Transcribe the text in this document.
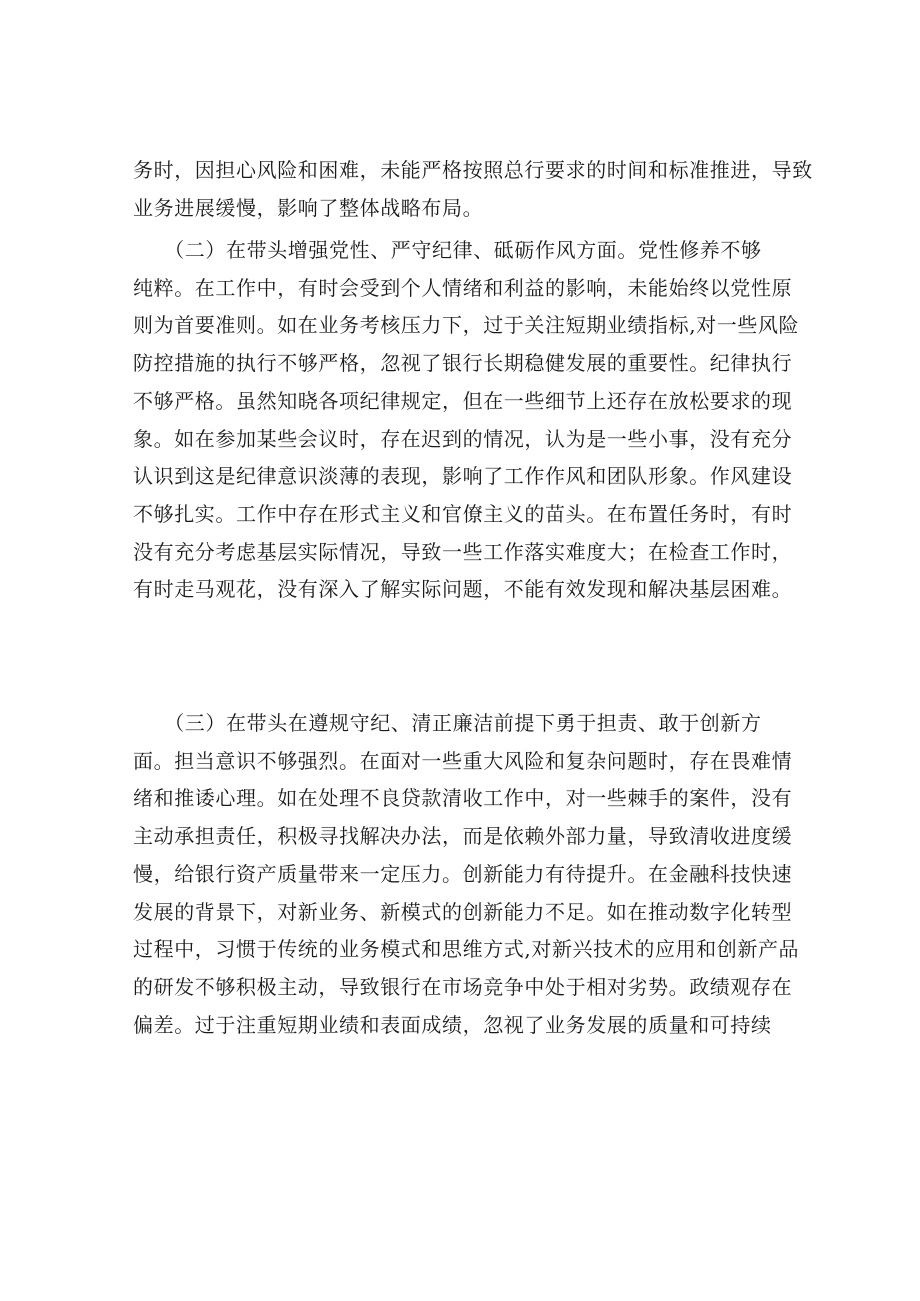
务时，因担心风险和困难，未能严格按照总行要求的时间和标准推进，导致
业务进展缓慢，影响了整体战略布局。
　　（二）在带头增强党性、严守纪律、砥砺作风方面。党性修养不够
纯粹。在工作中，有时会受到个人情绪和利益的影响，未能始终以党性原
则为首要准则。如在业务考核压力下，过于关注短期业绩指标,对一些风险
防控措施的执行不够严格，忽视了银行长期稳健发展的重要性。纪律执行
不够严格。虽然知晓各项纪律规定，但在一些细节上还存在放松要求的现
象。如在参加某些会议时，存在迟到的情况，认为是一些小事，没有充分
认识到这是纪律意识淡薄的表现，影响了工作作风和团队形象。作风建设
不够扎实。工作中存在形式主义和官僚主义的苗头。在布置任务时，有时
没有充分考虑基层实际情况，导致一些工作落实难度大；在检查工作时，
有时走马观花，没有深入了解实际问题，不能有效发现和解决基层困难。
　　（三）在带头在遵规守纪、清正廉洁前提下勇于担责、敢于创新方
面。担当意识不够强烈。在面对一些重大风险和复杂问题时，存在畏难情
绪和推诿心理。如在处理不良贷款清收工作中，对一些棘手的案件，没有
主动承担责任，积极寻找解决办法，而是依赖外部力量，导致清收进度缓
慢，给银行资产质量带来一定压力。创新能力有待提升。在金融科技快速
发展的背景下，对新业务、新模式的创新能力不足。如在推动数字化转型
过程中，习惯于传统的业务模式和思维方式,对新兴技术的应用和创新产品
的研发不够积极主动，导致银行在市场竞争中处于相对劣势。政绩观存在
偏差。过于注重短期业绩和表面成绩，忽视了业务发展的质量和可持续
